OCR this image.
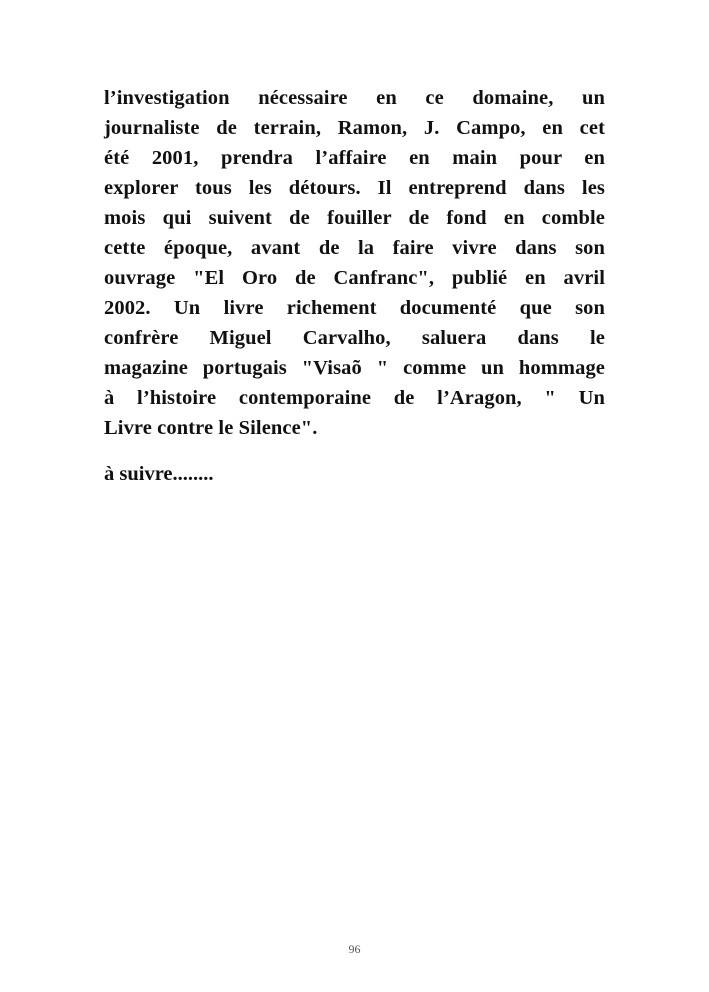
l’investigation nécessaire en ce domaine, un
journaliste de terrain, Ramon, J. Campo, en cet
été 2001, prendra l’affaire en main pour en
explorer tous les détours. Il entreprend dans les
mois qui suivent de fouiller de fond en comble
cette époque, avant de la faire vivre dans son
ouvrage "El Oro de Canfranc", publié en avril
2002. Un livre richement documenté que son
confrère Miguel Carvalho, saluera dans le
magazine portugais "Visaõ " comme un hommage
à l’histoire contemporaine de l’Aragon, " Un
Livre contre le Silence".
à suivre........
96
